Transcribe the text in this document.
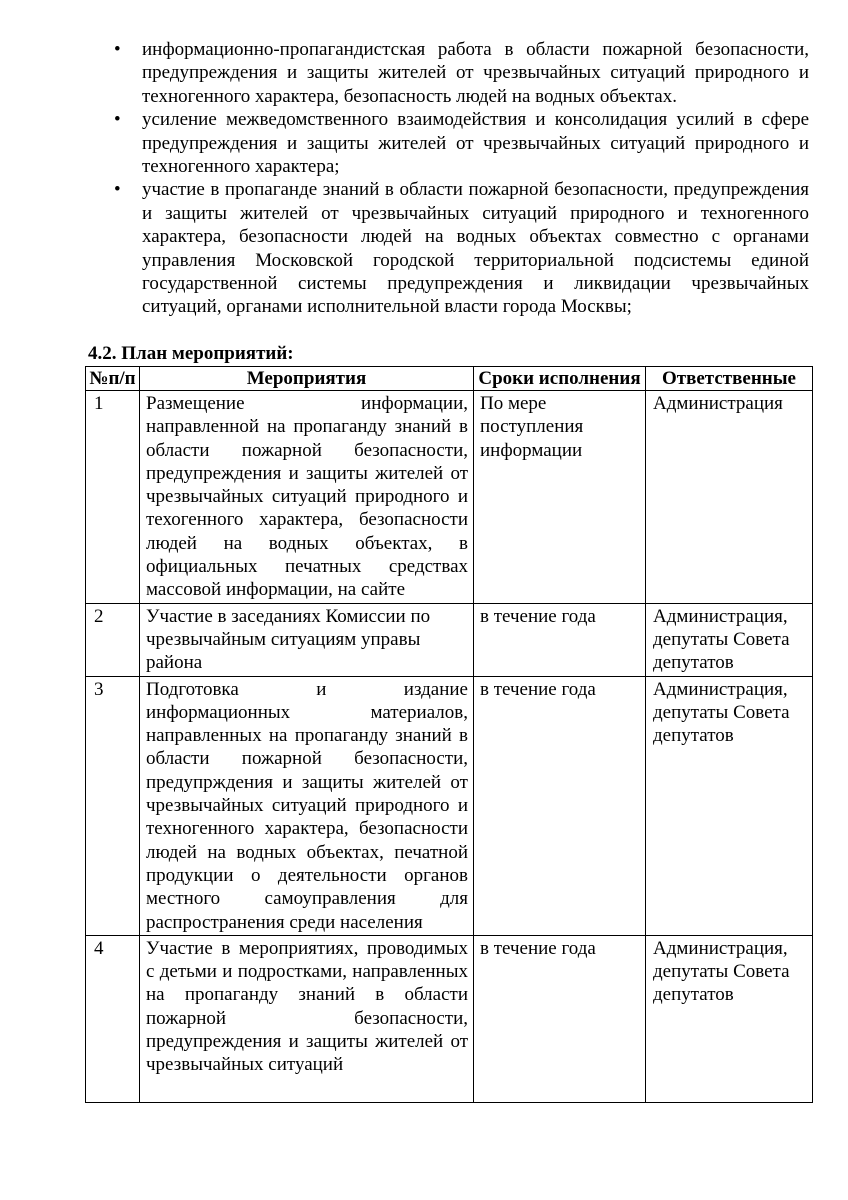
• информационно-пропагандистская работа в области пожарной безопасности, предупреждения и защиты жителей от чрезвычайных ситуаций природного и техногенного характера, безопасность людей на водных объектах.
• усиление межведомственного взаимодействия и консолидация усилий в сфере предупреждения и защиты жителей от чрезвычайных ситуаций природного и техногенного характера;
• участие в пропаганде знаний в области пожарной безопасности, предупреждения и защиты жителей от чрезвычайных ситуаций природного и техногенного характера, безопасности людей на водных объектах совместно с органами управления Московской городской территориальной подсистемы единой государственной системы предупреждения и ликвидации чрезвычайных ситуаций, органами исполнительной власти города Москвы;
4.2. План мероприятий:
№п/п	Мероприятия	Сроки исполнения	Ответственные
1	Размещение информации, направленной на пропаганду знаний в области пожарной безопасности, предупреждения и защиты жителей от чрезвычайных ситуаций природного и техогенного характера, безопасности людей на водных объектах, в официальных печатных средствах массовой информации, на сайте	По мере поступления информации	Администрация
2	Участие в заседаниях Комиссии по чрезвычайным ситуациям управы района	в течение года	Администрация, депутаты Совета депутатов
3	Подготовка и издание информационных материалов, направленных на пропаганду знаний в области пожарной безопасности, предупрждения и защиты жителей от чрезвычайных ситуаций природного и техногенного характера, безопасности людей на водных объектах, печатной продукции о деятельности органов местного самоуправления для распространения среди населения	в течение года	Администрация, депутаты Совета депутатов
4	Участие в мероприятиях, проводимых с детьми и подростками, направленных на пропаганду знаний в области пожарной безопасности, предупреждения и защиты жителей от чрезвычайных ситуаций	в течение года	Администрация, депутаты Совета депутатов
